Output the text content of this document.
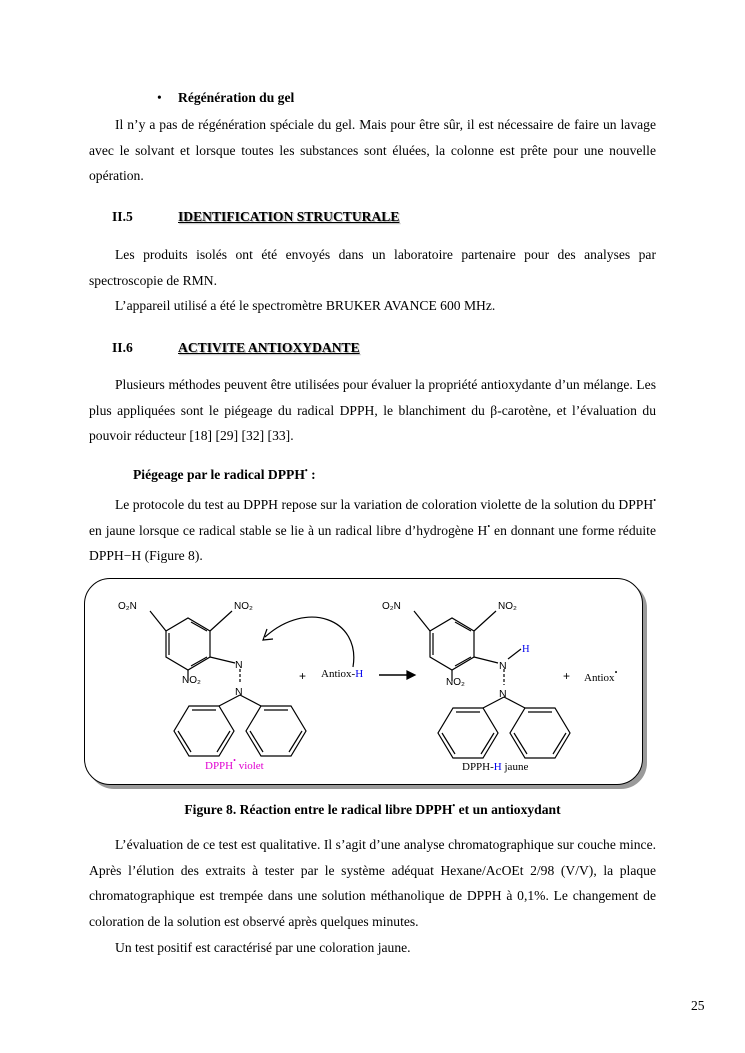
• Régénération du gel
Il n’y a pas de régénération spéciale du gel. Mais pour être sûr, il est nécessaire de faire un lavage avec le solvant et lorsque toutes les substances sont éluées, la colonne est prête pour une nouvelle opération.
II.5	IDENTIFICATION STRUCTURALE
Les produits isolés ont été envoyés dans un laboratoire partenaire pour des analyses par spectroscopie de RMN.
L’appareil utilisé a été le spectromètre BRUKER AVANCE 600 MHz.
II.6	ACTIVITE ANTIOXYDANTE
Plusieurs méthodes peuvent être utilisées pour évaluer la propriété antioxydante d’un mélange. Les plus appliquées sont le piégeage du radical DPPH, le blanchiment du β-carotène, et l’évaluation du pouvoir réducteur [18] [29] [32] [33].
Piégeage par le radical DPPH• :
Le protocole du test au DPPH repose sur la variation de coloration violette de la solution du DPPH• en jaune lorsque ce radical stable se lie à un radical libre d’hydrogène H• en donnant une forme réduite DPPH−H (Figure 8).
O₂N	NO₂
NO₂
N
N
+ Antiox-H
DPPH• violet
O₂N	NO₂
NO₂
H
N
N
+ Antiox•
DPPH-H jaune
Figure 8. Réaction entre le radical libre DPPH• et un antioxydant
L’évaluation de ce test est qualitative. Il s’agit d’une analyse chromatographique sur couche mince. Après l’élution des extraits à tester par le système adéquat Hexane/AcOEt 2/98 (V/V), la plaque chromatographique est trempée dans une solution méthanolique de DPPH à 0,1%. Le changement de coloration de la solution est observé après quelques minutes.
Un test positif est caractérisé par une coloration jaune.
25
